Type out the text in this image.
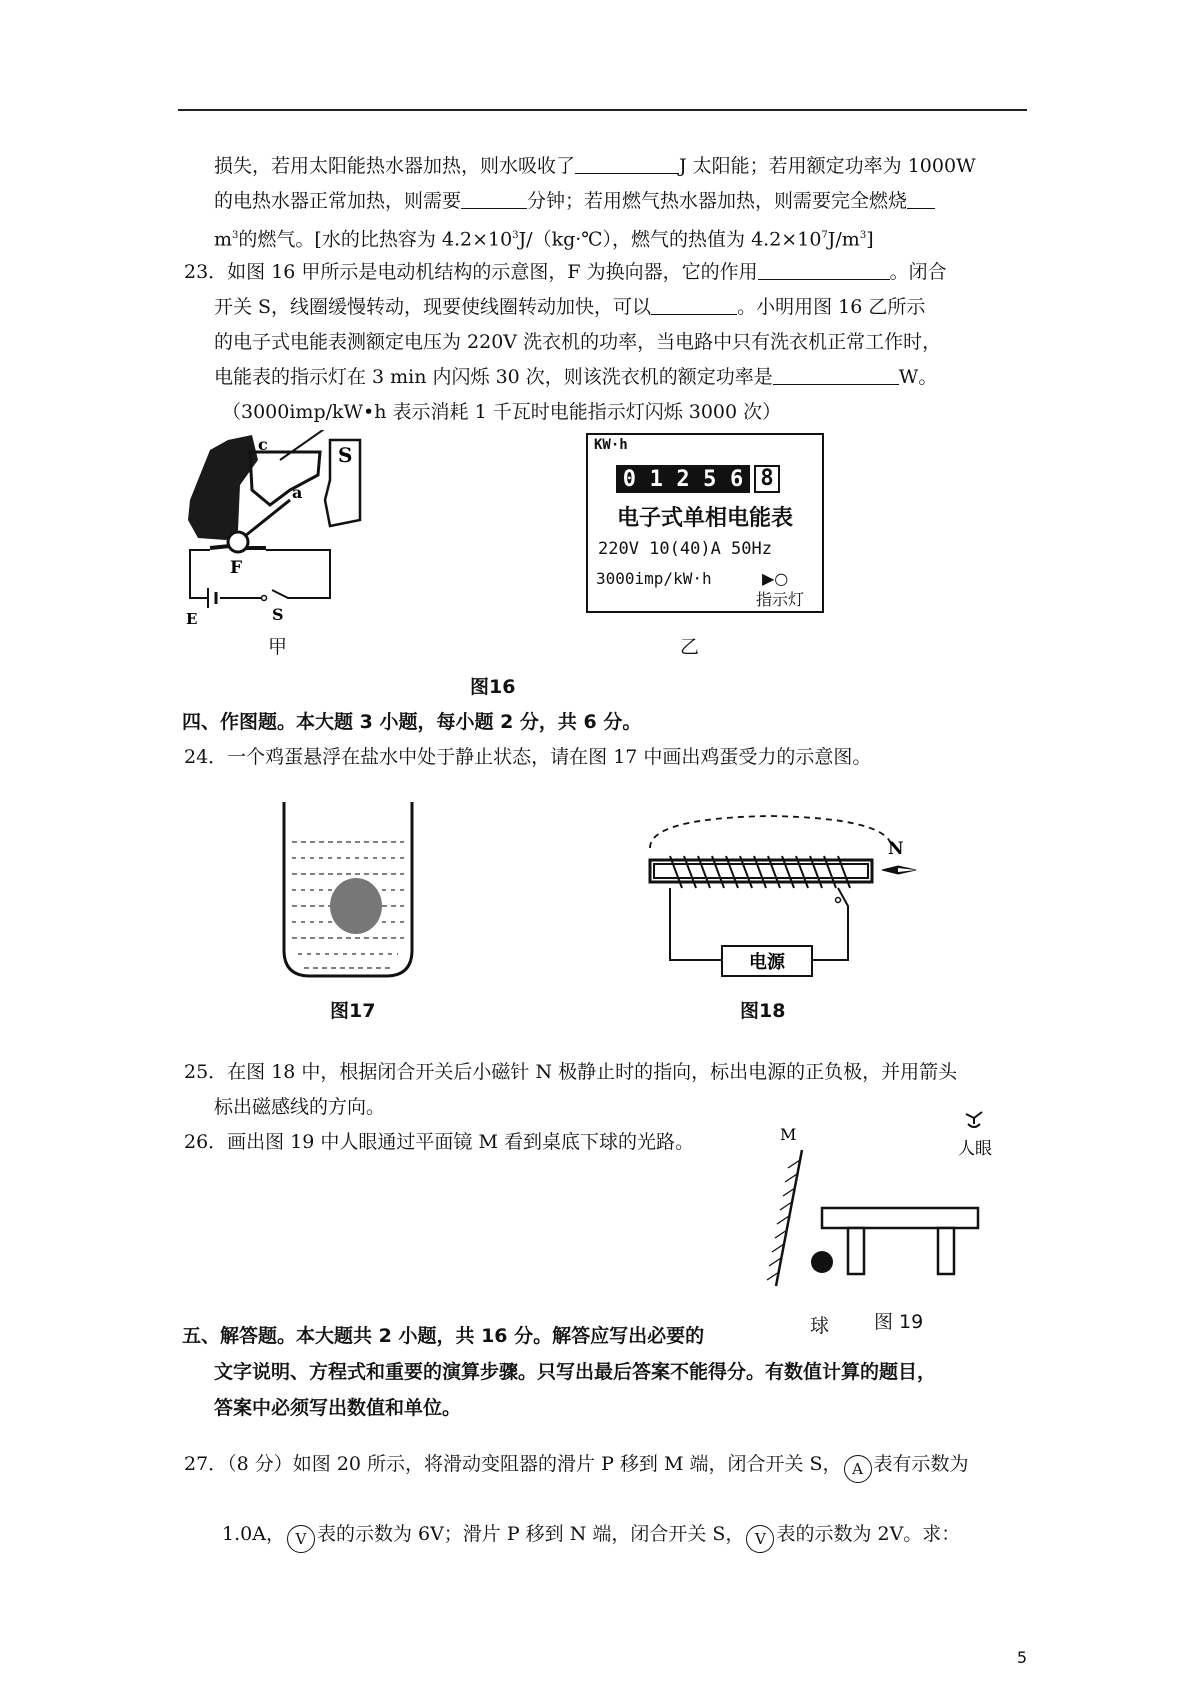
损失，若用太阳能热水器加热，则水吸收了	J 太阳能；若用额定功率为 1000W
的电热水器正常加热，则需要	分钟；若用燃气热水器加热，则需要完全燃烧
$m^3$的燃气。[水的比热容为 $4.2\times 10^3J/(kg\cdot℃)$，燃气的热值为 $4.2\times 10^7J/m^3$]
23．如图 16 甲所示是电动机结构的示意图，F 为换向器，它的作用	。闭合
开关 S，线圈缓慢转动，现要使线圈转动加快，可以	。小明用图 16 乙所示
的电子式电能表测额定电压为 220V 洗衣机的功率，当电路中只有洗衣机正常工作时，
电能表的指示灯在 3 min 内闪烁 30 次，则该洗衣机的额定功率是	W。
（3000imp/kW•h 表示消耗 1 千瓦时电能指示灯闪烁 3000 次）
S
c
a
F
E	S
甲
KW·h
0 1 2 5 6 8
电子式单相电能表
220V 10(40)A 50Hz
3000imp/kW·h	▶○
指示灯
乙
图16
四、作图题。本大题 3 小题，每小题 2 分，共 6 分。
24．一个鸡蛋悬浮在盐水中处于静止状态，请在图 17 中画出鸡蛋受力的示意图。
图17
电源
N
图18
25．在图 18 中，根据闭合开关后小磁针 N 极静止时的指向，标出电源的正负极，并用箭头
标出磁感线的方向。
26．画出图 19 中人眼通过平面镜 M 看到桌底下球的光路。	M
人眼
球 图 19
五、解答题。本大题共 2 小题，共 16 分。解答应写出必要的
文字说明、方程式和重要的演算步骤。只写出最后答案不能得分。有数值计算的题目，
答案中必须写出数值和单位。
27．（8 分）如图 20 所示，将滑动变阻器的滑片 P 移到 M 端，闭合开关 S， A 表有示数为
1.0A， V 表的示数为 6V；滑片 P 移到 N 端，闭合开关 S， V 表的示数为 2V。求：
5
